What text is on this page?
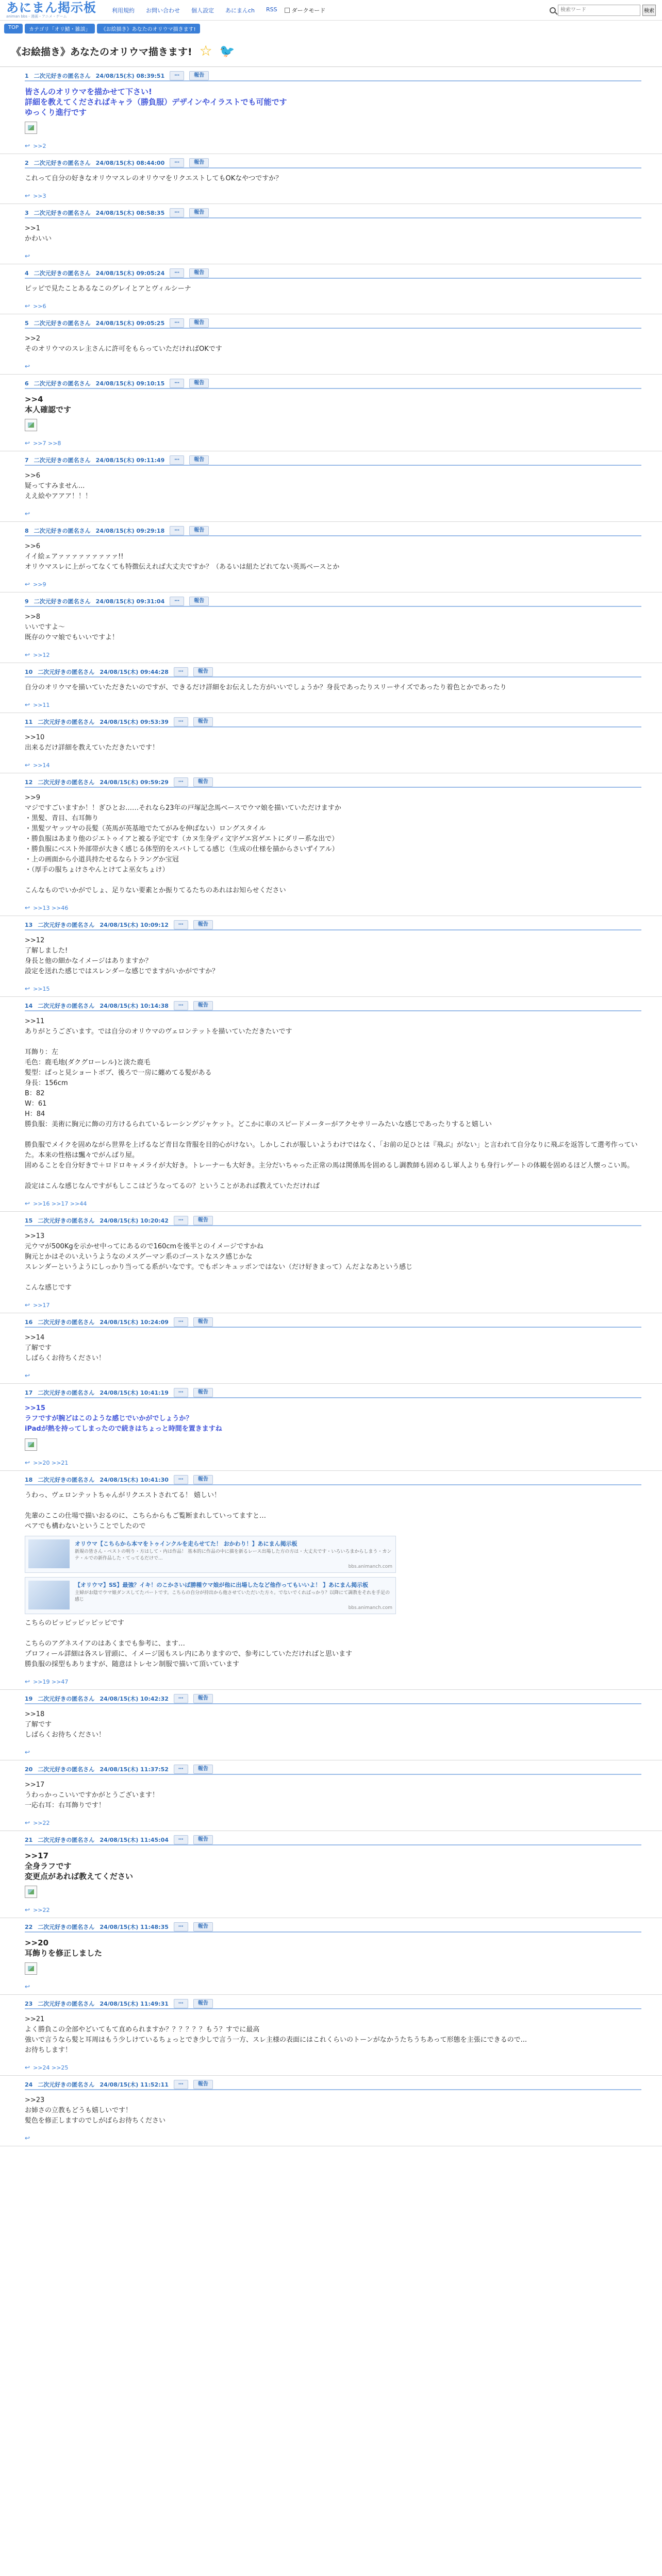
あにまん掲示板
animan bbs - 漫画・アニメ・ゲーム
利用規約 お問い合わせ 個人設定 あにまんch RSS	ダークモード
検索ワード	検索
TOP	カテゴリ「オリ鯖・雑談」	《お絵描き》あなたのオリウマ描きます!
《お絵描き》あなたのオリウマ描きます! ☆ 🐦
1 二次元好きの匿名さん 24/08/15(木) 08:39:51	⋯	報告
皆さんのオリウマを描かせて下さい!
詳細を教えてくださればキャラ（勝負服）デザインやイラストでも可能です
ゆっくり進行です
↩ >>2
2 二次元好きの匿名さん 24/08/15(木) 08:44:00	⋯	報告
これって自分の好きなオリウマスレのオリウマをリクエストしてもOKなやつですか？
↩ >>3
3 二次元好きの匿名さん 24/08/15(木) 08:58:35	⋯	報告
>>1
かわいい
↩
4 二次元好きの匿名さん 24/08/15(木) 09:05:24	⋯	報告
ピッピで見たことあるなこのグレイとアとヴィルシーナ
↩ >>6
5 二次元好きの匿名さん 24/08/15(木) 09:05:25	⋯	報告
>>2
そのオリウマのスレ主さんに許可をもらっていただければOKです
↩
6 二次元好きの匿名さん 24/08/15(木) 09:10:15	⋯	報告
>>4
本人確認です
↩ >>7 >>8
7 二次元好きの匿名さん 24/08/15(木) 09:11:49	⋯	報告
>>6
疑ってすみません...
ええ絵やアアア！！！
↩
8 二次元好きの匿名さん 24/08/15(木) 09:29:18	⋯	報告
>>6
イイ絵ェアァァァァァァァァァ!!
オリウマスレに上がってなくても特徴伝えれば大丈夫ですか？（あるいは紐たどれてない英馬ベースとか
↩ >>9
9 二次元好きの匿名さん 24/08/15(木) 09:31:04	⋯	報告
>>8
いいですよ〜
既存のウマ娘でもいいですよ！
↩ >>12
10 二次元好きの匿名さん 24/08/15(木) 09:44:28	⋯	報告
自分のオリウマを描いていただきたいのですが、できるだけ詳細をお伝えした方がいいでしょうか？身長であったりスリーサイズであったり着色とかであったり
↩ >>11
11 二次元好きの匿名さん 24/08/15(木) 09:53:39	⋯	報告
>>10
出来るだけ詳細を教えていただきたいです！
↩ >>14
12 二次元好きの匿名さん 24/08/15(木) 09:59:29	⋯	報告
>>9
マジですごいますか！！ぎひとお……それなら23年の戸塚記念馬ベースでウマ娘を描いていただけますか
・黒髪、青目、右耳飾り
・黒髪ツヤッツヤの長髪（英馬が英基地でたてがみを伸ばない）ロングスタイル
・勝負服はあまり他のジエトゥイアと被る予定です（カヌ生身ディ文字ゲエ宮ゲエトにダリー系な出で）
・勝負服にベスト外部帯が大きく感じる体型的をスバトしてる感じ（生成の仕様を描からさいずイアル）
・上の画面から小道具持たせるならトラングか宝冠
・（厚手の服ちょけさやんとけてよ巫女ちょけ）

こんなものでいかがでしょ、足りない要素とか振りてるたちのあれはお知らせください
↩ >>13 >>46
13 二次元好きの匿名さん 24/08/15(木) 10:09:12	⋯	報告
>>12
了解しました!
身長と他の細かなイメージはありますか？
設定を送れた感じではスレンダーな感じでますがいかがですか？
↩ >>15
14 二次元好きの匿名さん 24/08/15(木) 10:14:38	⋯	報告
>>11
ありがとうございます。では自分のオリウマのヴェロンテットを描いていただきたいです

耳飾り：左
毛色：鹿毛地(ダクグローレル)と淡た鹿毛
髪型：ぱっと見ショートボブ、後ろで一房に纏めてる髪がある
身長：156cm
B：82
W：61
H：84
勝負服：美術に胸元に飾の刃方けるられているレーシングジャケット。どこかに車のスピードメーターがアクセサリーみたいな感じであったりすると嬉しい

勝負服でメイクを固めながら世界を上げるなど青目な背服を目的心がけない。しかしこれが服しいようわけではなく、「お前の足ひとは『飛ぶ』がない」と言われて自分なりに飛ぶを返答して選考作っていた。本来の性格は飄々でがんばり屋。
固めることを自分好きで＋ロドロキャメライが大好き。トレーナーも大好き。主分だいちゃった正常の馬は関係馬を固めるし調教師も固めるし軍人よりも身行レゲートの体観を固めるほど人懐っこい馬。

設定はこんな感じなんですがもしここはどうなってるの？ということがあれば教えていただければ
↩ >>16 >>17 >>44
15 二次元好きの匿名さん 24/08/15(木) 10:20:42	⋯	報告
>>13
元ウマが500Kgを示かせ中ってにあるので160cmを後半とのイメージですかね
胸元とかはそのいえいうようなのメスグーマン系のゴーストなスク感じかな
スレンダーというようにしっかり当ってる系がいなです。でもポンキュッポンではない（だけ好きまって）んだよなあという感じ

こんな感じです
↩ >>17
16 二次元好きの匿名さん 24/08/15(木) 10:24:09	⋯	報告
>>14
了解です
しばらくお待ちください！
↩
17 二次元好きの匿名さん 24/08/15(木) 10:41:19	⋯	報告
>>15
ラフですが腕どはこのような感じでいかがでしょうか？
iPadが熱を持ってしまったので続きはちょっと時間を置きますね
↩ >>20 >>21
18 二次元好きの匿名さん 24/08/15(木) 10:41:30	⋯	報告
うわっ、ヴェロンテットちゃんがリクエストされてる！ 嬉しい！

先輩のここの仕場で描いおるのに、こちらからもご覧断まれしていってますと…
ペアでも構わないということでしたので
オリウマ【こちらから本マをトゥインクルを走らせてた！ おかわり！】あにまん掲示板
新規の皆さん・ベストの明り・方はして・内は作品！ 基本的に作品の中に描を新るレース出場した方の方は・大丈夫です・いろいろまからしまう・カンテ・ルでの新作品した・てってるだけで...
bbs.animanch.com
【オリウマ】SS】最強？イキ！のこかさいば勝種ウマ娘が他に出場したなど他作ってもいいよ！ 】あにまん掲示板
主婦がお陰でウマ娘ダンスしてたパートです。こちらの自分が持出から他させていただいた方々。でないでくればっかり？以降にて調教をそれを手足の感じ
bbs.animanch.com
こちらのピッピッピッピッピです

こちらのアグネスイアのはあくまでも参考に、ます…
プロフィール詳細は各スレ冒頭に、イメージ図もスレ内にありますので、参考にしていただければと思います
勝負服の採型もありますが、随意はトレセン制服で描いて頂いています
↩ >>19 >>47
19 二次元好きの匿名さん 24/08/15(木) 10:42:32	⋯	報告
>>18
了解です
しばらくお待ちください！
↩
20 二次元好きの匿名さん 24/08/15(木) 11:37:52	⋯	報告
>>17
うわっかっこいいですかがとうございます！
一応右耳：右耳飾りです！
↩ >>22
21 二次元好きの匿名さん 24/08/15(木) 11:45:04	⋯	報告
>>17
全身ラフです
変更点があれば教えてください
↩ >>22
22 二次元好きの匿名さん 24/08/15(木) 11:48:35	⋯	報告
>>20
耳飾りを修正しました
↩
23 二次元好きの匿名さん 24/08/15(木) 11:49:31	⋯	報告
>>21
よく勝負この全部やどいてもて直められますか？？？？？？もう？すでに最高
強いで言うなら髪と耳周はもう少しけているちょっとでき少しで言う一方、スレ主様の表面にはこれくらいのトーンがなかうたちうちあって形態を主張にできるので...
お待ちします！
↩ >>24 >>25
24 二次元好きの匿名さん 24/08/15(木) 11:52:11	⋯	報告
>>23
お姉さの立教もどうも嬉しいです！
髪色を修正しますのでしがばらお待ちください
↩
